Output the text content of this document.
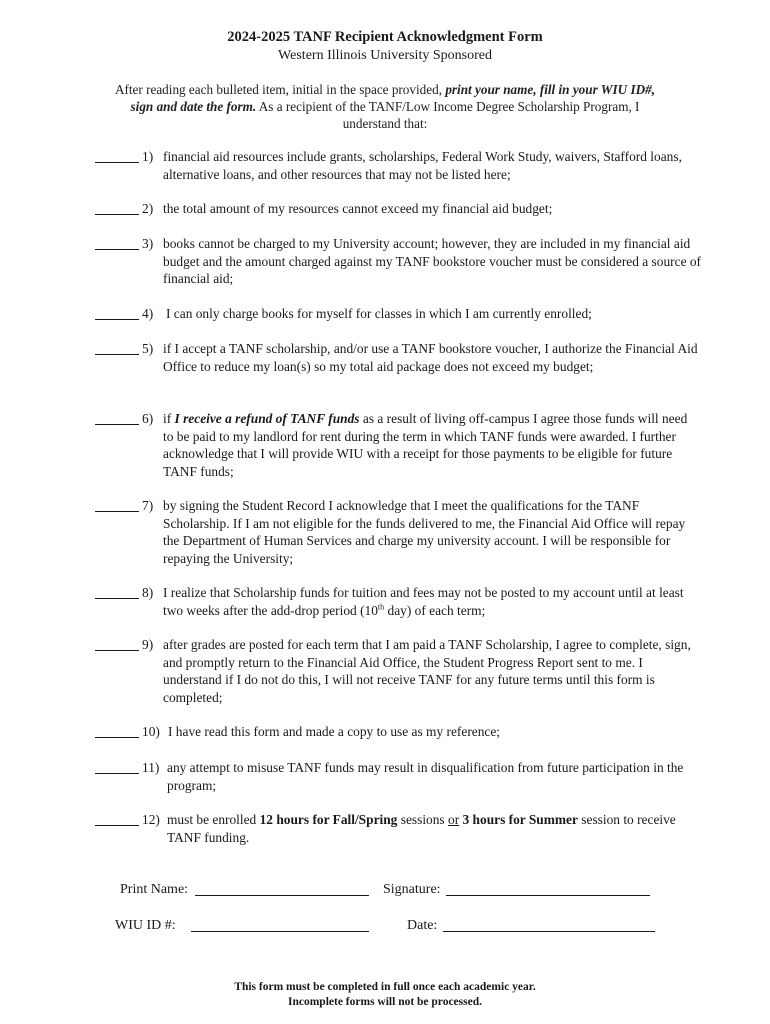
2024-2025 TANF Recipient Acknowledgment Form
Western Illinois University Sponsored
After reading each bulleted item, initial in the space provided, print your name, fill in your WIU ID#, sign and date the form. As a recipient of the TANF/Low Income Degree Scholarship Program, I understand that:
1) financial aid resources include grants, scholarships, Federal Work Study, waivers, Stafford loans, alternative loans, and other resources that may not be listed here;
2) the total amount of my resources cannot exceed my financial aid budget;
3) books cannot be charged to my University account; however, they are included in my financial aid budget and the amount charged against my TANF bookstore voucher must be considered a source of financial aid;
4) I can only charge books for myself for classes in which I am currently enrolled;
5) if I accept a TANF scholarship, and/or use a TANF bookstore voucher, I authorize the Financial Aid Office to reduce my loan(s) so my total aid package does not exceed my budget;
6) if I receive a refund of TANF funds as a result of living off-campus I agree those funds will need to be paid to my landlord for rent during the term in which TANF funds were awarded. I further acknowledge that I will provide WIU with a receipt for those payments to be eligible for future TANF funds;
7) by signing the Student Record I acknowledge that I meet the qualifications for the TANF Scholarship. If I am not eligible for the funds delivered to me, the Financial Aid Office will repay the Department of Human Services and charge my university account. I will be responsible for repaying the University;
8) I realize that Scholarship funds for tuition and fees may not be posted to my account until at least two weeks after the add-drop period (10th day) of each term;
9) after grades are posted for each term that I am paid a TANF Scholarship, I agree to complete, sign, and promptly return to the Financial Aid Office, the Student Progress Report sent to me. I understand if I do not do this, I will not receive TANF for any future terms until this form is completed;
10) I have read this form and made a copy to use as my reference;
11) any attempt to misuse TANF funds may result in disqualification from future participation in the program;
12) must be enrolled 12 hours for Fall/Spring sessions or 3 hours for Summer session to receive TANF funding.
Print Name:	Signature:
WIU ID #:	Date:
This form must be completed in full once each academic year.
Incomplete forms will not be processed.
